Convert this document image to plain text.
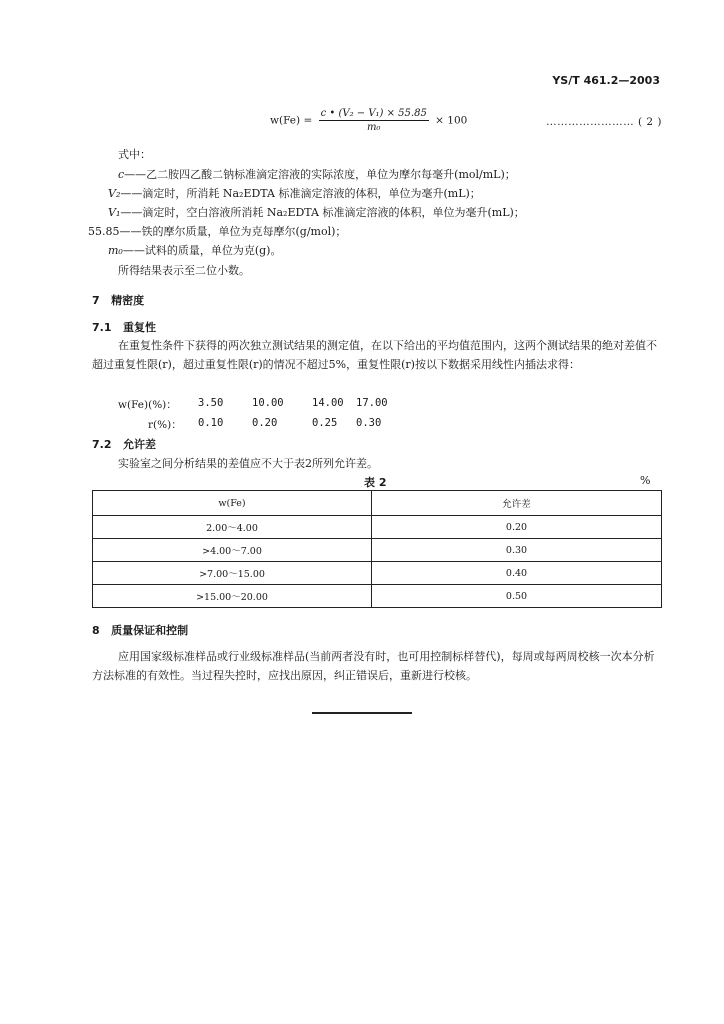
YS/T 461.2—2003
$w(Fe) = \frac{\text{c • (V₂ − V₁) × 55.85}}{\text{m₀}} \times 100$	…………………… ( 2 )
式中：
c——乙二胺四乙酸二钠标准滴定溶液的实际浓度，单位为摩尔每毫升(mol/mL)；
V₂——滴定时，所消耗 Na₂EDTA 标准滴定溶液的体积，单位为毫升(mL)；
V₁——滴定时，空白溶液所消耗 Na₂EDTA 标准滴定溶液的体积，单位为毫升(mL)；
55.85——铁的摩尔质量，单位为克每摩尔(g/mol)；
m₀——试料的质量，单位为克(g)。
所得结果表示至二位小数。
7 精密度
7.1 重复性
在重复性条件下获得的两次独立测试结果的测定值，在以下给出的平均值范围内，这两个测试结果的绝对差值不超过重复性限(r)，超过重复性限(r)的情况不超过5%，重复性限(r)按以下数据采用线性内插法求得：
w(Fe)(%)： 3.50	10.00	14.00 17.00
r(%)： 0.10	0.20	0.25 0.30
7.2 允许差
实验室之间分析结果的差值应不大于表2所列允许差。
表 2	%
w(Fe)	允许差
2.00～4.00	0.20
>4.00～7.00	0.30
>7.00～15.00	0.40
>15.00～20.00	0.50
8 质量保证和控制
应用国家级标准样品或行业级标准样品(当前两者没有时，也可用控制标样替代)，每周或每两周校核一次本分析方法标准的有效性。当过程失控时，应找出原因，纠正错误后，重新进行校核。
